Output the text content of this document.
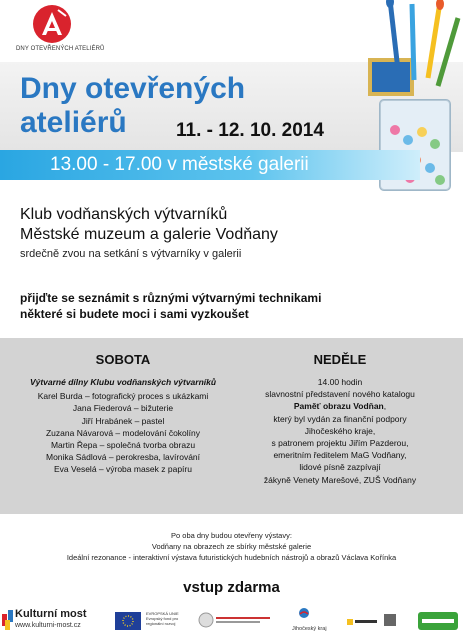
DNY OTEVŘENÝCH ATELIÉRŮ
Dny otevřených
ateliérů	11. - 12. 10. 2014
13.00 - 17.00 v městské galerii
Klub vodňanských výtvarníků
Městské muzeum a galerie Vodňany
srdečně zvou na setkání s výtvarníky v galerii
přijďte se seznámit s různými výtvarnými technikami
některé si budete moci i sami vyzkoušet
SOBOTA
Výtvarné dílny Klubu vodňanských výtvarníků
Karel Burda – fotografický proces s ukázkami
Jana Fiederová – bižuterie
Jiří Hrabánek – pastel
Zuzana Návarová – modelování čokolíny
Martin Řepa – společná tvorba obrazu
Monika Sádlová – perokresba, lavírování
Eva Veselá – výroba masek z papíru
NEDĚLE
14.00 hodin
slavnostní představení nového katalogu
Paměť obrazu Vodňan,
který byl vydán za finanční podpory
Jihočeského kraje,
s patronem projektu Jiřím Pazderou,
emeritním ředitelem MaG Vodňany,
lidové písně zazpívají
žákyně Venety Marešové, ZUŠ Vodňany
Po oba dny budou otevřeny výstavy:
Vodňany na obrazech ze sbírky městské galerie
Ideální rezonance - interaktivní výstava futuristických hudebních nástrojů a obrazů Václava Kořínka
vstup zdarma
Kulturní most
www.kulturni-most.cz
EVROPSKÁ UNIE Evropský fond pro regionální rozvoj
Jihočeský kraj
